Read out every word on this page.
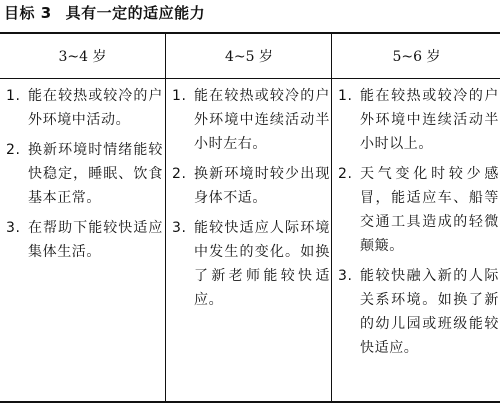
目标 3 具有一定的适应能力
3~4 岁
1. 能在较热或较冷的户外环境中活动。
2. 换新环境时情绪能较快稳定，睡眠、饮食基本正常。
3. 在帮助下能较快适应集体生活。
4~5 岁
1. 能在较热或较冷的户外环境中连续活动半小时左右。
2. 换新环境时较少出现身体不适。
3. 能较快适应人际环境中发生的变化。如换了新老师能较快适应。
5~6 岁
1. 能在较热或较冷的户外环境中连续活动半小时以上。
2. 天气变化时较少感冒，能适应车、船等交通工具造成的轻微颠簸。
3. 能较快融入新的人际关系环境。如换了新的幼儿园或班级能较快适应。
